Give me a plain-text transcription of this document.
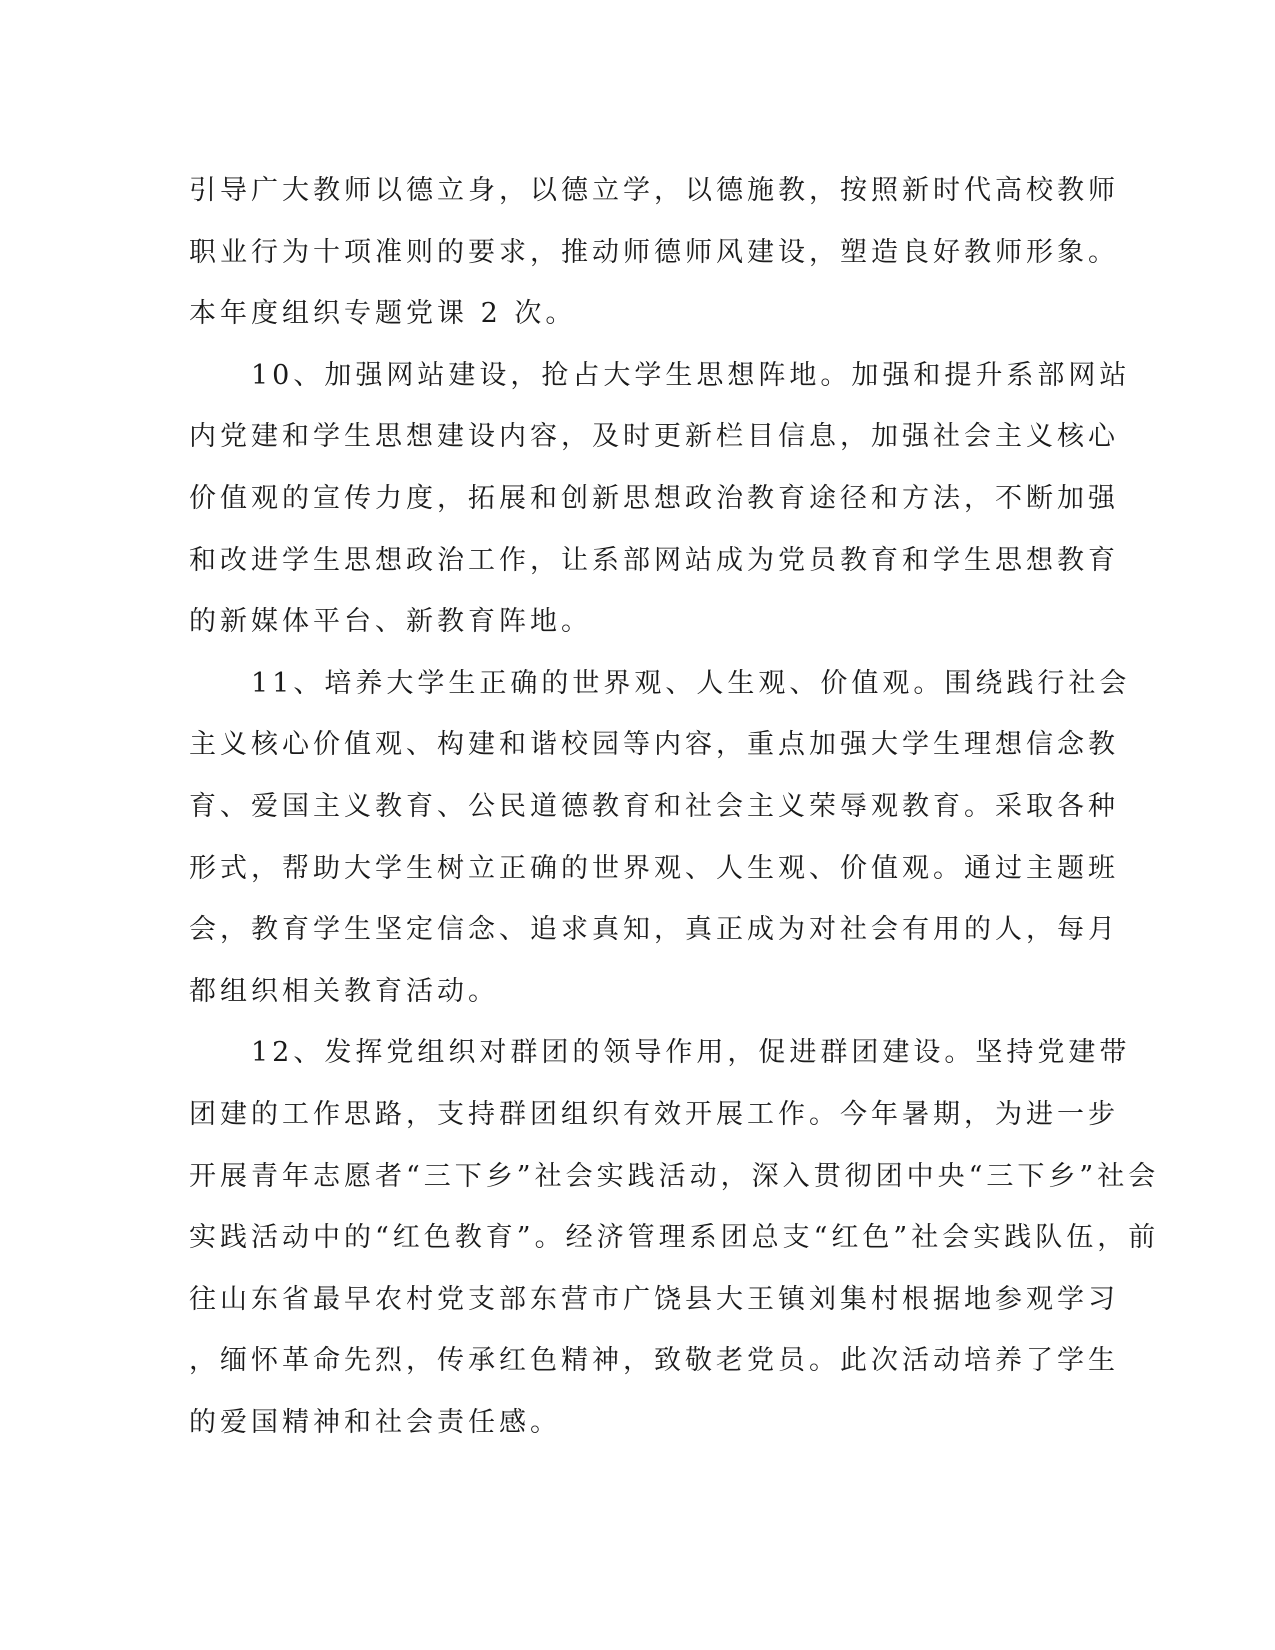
引导广大教师以德立身，以德立学，以德施教，按照新时代高校教师
职业行为十项准则的要求，推动师德师风建设，塑造良好教师形象。
本年度组织专题党课 2 次。
　　10、加强网站建设，抢占大学生思想阵地。加强和提升系部网站
内党建和学生思想建设内容，及时更新栏目信息，加强社会主义核心
价值观的宣传力度，拓展和创新思想政治教育途径和方法，不断加强
和改进学生思想政治工作，让系部网站成为党员教育和学生思想教育
的新媒体平台、新教育阵地。
　　11、培养大学生正确的世界观、人生观、价值观。围绕践行社会
主义核心价值观、构建和谐校园等内容，重点加强大学生理想信念教
育、爱国主义教育、公民道德教育和社会主义荣辱观教育。采取各种
形式，帮助大学生树立正确的世界观、人生观、价值观。通过主题班
会，教育学生坚定信念、追求真知，真正成为对社会有用的人，每月
都组织相关教育活动。
　　12、发挥党组织对群团的领导作用，促进群团建设。坚持党建带
团建的工作思路，支持群团组织有效开展工作。今年暑期，为进一步
开展青年志愿者“三下乡”社会实践活动，深入贯彻团中央“三下乡”社会
实践活动中的“红色教育”。经济管理系团总支“红色”社会实践队伍，前
往山东省最早农村党支部东营市广饶县大王镇刘集村根据地参观学习
，缅怀革命先烈，传承红色精神，致敬老党员。此次活动培养了学生
的爱国精神和社会责任感。
